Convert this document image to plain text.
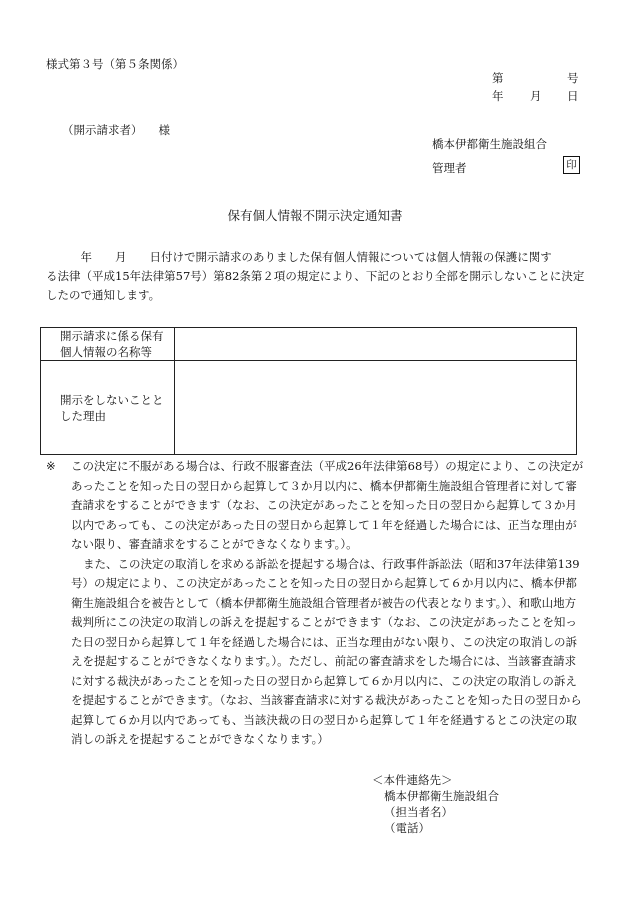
様式第３号（第５条関係）
第	号
年 月 日
（開示請求者） 様
橋本伊都衛生施設組合
管理者	印
保有個人情報不開示決定通知書

　　　年　　月　　日付けで開示請求のありました保有個人情報については個人情報の保護に関す

る法律（平成15年法律第57号）第82条第２項の規定により、下記のとおり全部を開示しないことに決定したので通知します。

開示請求に係る保有個人情報の名称等	
開示をしないこととした理由	
※ この決定に不服がある場合は、行政不服審査法（平成26年法律第68号）の規定により、この決定があったことを知った日の翌日から起算して３か月以内に、橋本伊都衛生施設組合管理者に対して審査請求をすることができます（なお、この決定があったことを知った日の翌日から起算して３か月以内であっても、この決定があった日の翌日から起算して１年を経過した場合には、正当な理由がない限り、審査請求をすることができなくなります。）。

また、この決定の取消しを求める訴訟を提起する場合は、行政事件訴訟法（昭和37年法律第139号）の規定により、この決定があったことを知った日の翌日から起算して６か月以内に、橋本伊都衛生施設組合を被告として（橋本伊都衛生施設組合管理者が被告の代表となります。）、和歌山地方裁判所にこの決定の取消しの訴えを提起することができます（なお、この決定があったことを知った日の翌日から起算して１年を経過した場合には、正当な理由がない限り、この決定の取消しの訴えを提起することができなくなります。）。ただし、前記の審査請求をした場合には、当該審査請求に対する裁決があったことを知った日の翌日から起算して６か月以内に、この決定の取消しの訴えを提起することができます。（なお、当該審査請求に対する裁決があったことを知った日の翌日から起算して６か月以内であっても、当該決裁の日の翌日から起算して１年を経過するとこの決定の取消しの訴えを提起することができなくなります。）

＜本件連絡先＞
橋本伊都衛生施設組合
（担当者名）
（電話）
